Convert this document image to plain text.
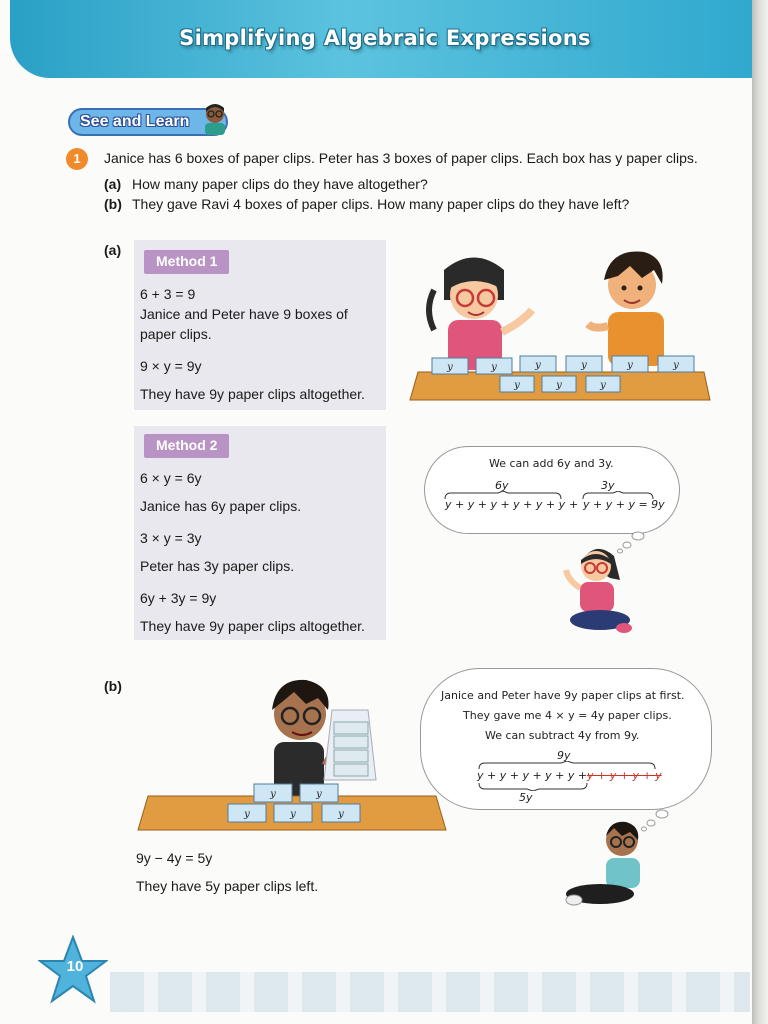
Simplifying Algebraic Expressions
See and Learn
1	Janice has 6 boxes of paper clips. Peter has 3 boxes of paper clips. Each box has y paper clips.
(a) How many paper clips do they have altogether?
(b) They gave Ravi 4 boxes of paper clips. How many paper clips do they have left?
(a)
Method 1
6 + 3 = 9
Janice and Peter have 9 boxes of
paper clips.
9 × y = 9y
They have 9y paper clips altogether.
y	y	y	y	y	y
y	y	y
Method 2
6 × y = 6y
Janice has 6y paper clips.
3 × y = 3y
Peter has 3y paper clips.
6y + 3y = 9y
They have 9y paper clips altogether.
We can add 6y and 3y.
6y	3y
y + y + y + y + y + y + y + y + y = 9y
(b)
y	y
y	y	y
9y − 4y = 5y
They have 5y paper clips left.
Janice and Peter have 9y paper clips at first.
They gave me 4 × y = 4y paper clips.
We can subtract 4y from 9y.
9y
y + y + y + y + y + y + y + y + y
5y
10
